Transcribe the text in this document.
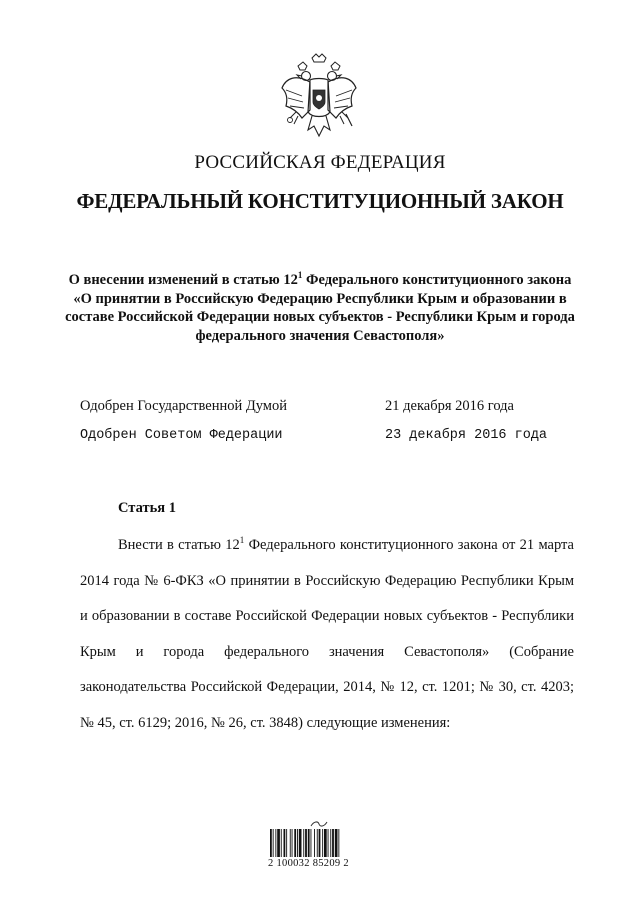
РОССИЙСКАЯ ФЕДЕРАЦИЯ
ФЕДЕРАЛЬНЫЙ КОНСТИТУЦИОННЫЙ ЗАКОН
О внесении изменений в статью $12^1$ Федерального конституционного закона «О принятии в Российскую Федерацию Республики Крым и образовании в составе Российской Федерации новых субъектов - Республики Крым и города федерального значения Севастополя»
Одобрен Государственной Думой	21 декабря 2016 года
Одобрен Советом Федерации	23 декабря 2016 года
Статья 1
Внести в статью $12^1$ Федерального конституционного закона от 21 марта 2014 года № 6-ФКЗ «О принятии в Российскую Федерацию Республики Крым и образовании в составе Российской Федерации новых субъектов - Республики Крым и города федерального значения Севастополя» (Собрание законодательства Российской Федерации, 2014, № 12, ст. 1201; № 30, ст. 4203; № 45, ст. 6129; 2016, № 26, ст. 3848) следующие изменения:
2 100032 85209 2
